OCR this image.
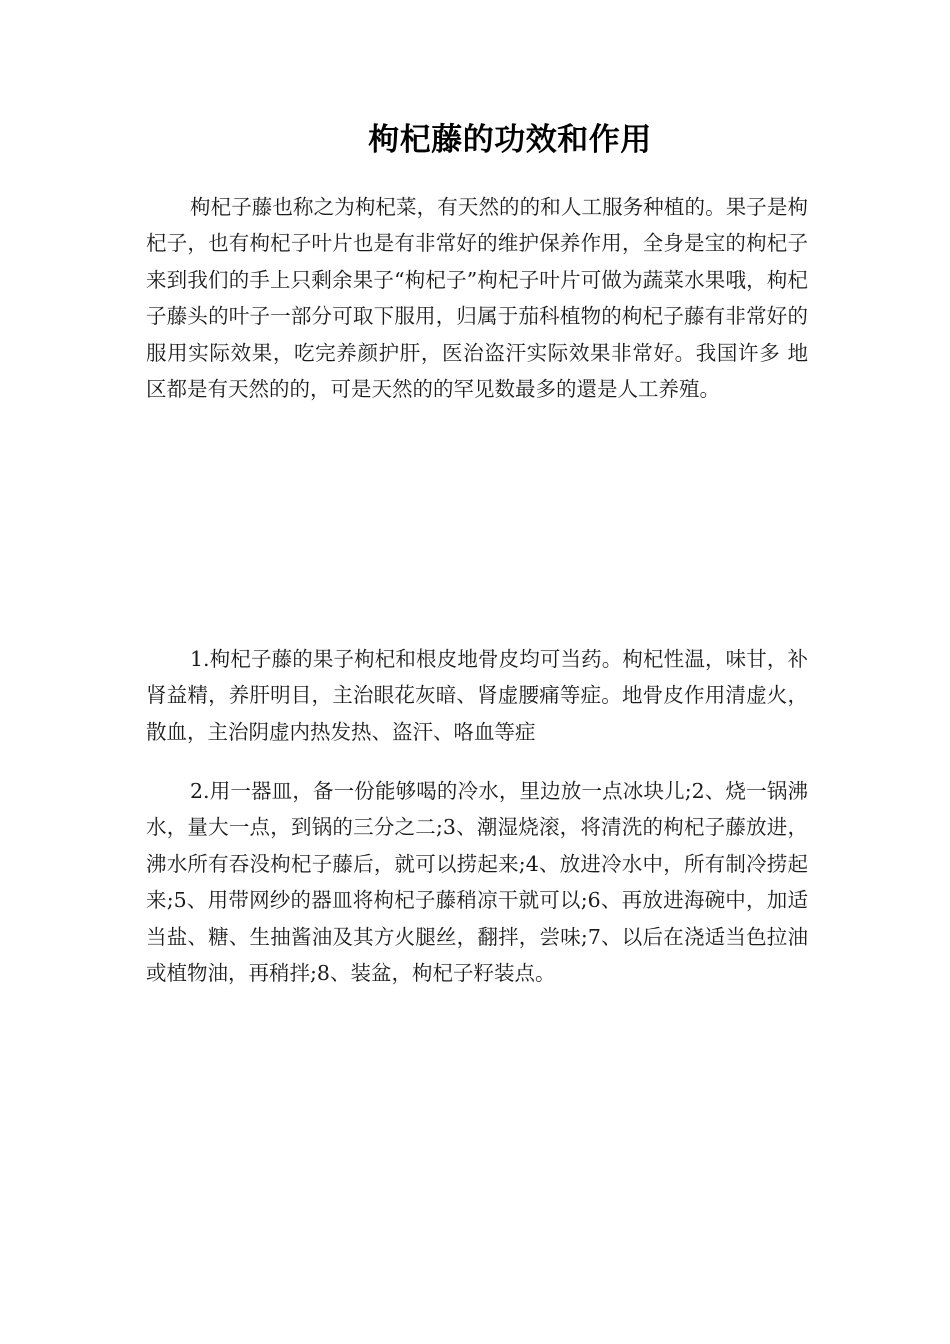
枸杞藤的功效和作用

枸杞子藤也称之为枸杞菜，有天然的的和人工服务种植的。果子是枸杞子，也有枸杞子叶片也是有非常好的维护保养作用，全身是宝的枸杞子来到我们的手上只剩余果子“枸杞子”枸杞子叶片可做为蔬菜水果哦，枸杞子藤头的叶子一部分可取下服用，归属于茄科植物的枸杞子藤有非常好的服用实际效果，吃完养颜护肝，医治盗汗实际效果非常好。我国许多 地区都是有天然的的，可是天然的的罕见数最多的還是人工养殖。

1.枸杞子藤的果子枸杞和根皮地骨皮均可当药。枸杞性温，味甘，补肾益精，养肝明目，主治眼花灰暗、肾虚腰痛等症。地骨皮作用清虚火，散血，主治阴虚内热发热、盗汗、咯血等症

2.用一器皿，备一份能够喝的冷水，里边放一点冰块儿;2、烧一锅沸水，量大一点，到锅的三分之二;3、潮湿烧滚，将清洗的枸杞子藤放进，沸水所有吞没枸杞子藤后，就可以捞起来;4、放进冷水中，所有制冷捞起来;5、用带网纱的器皿将枸杞子藤稍凉干就可以;6、再放进海碗中，加适当盐、糖、生抽酱油及其方火腿丝，翻拌，尝味;7、以后在浇适当色拉油或植物油，再稍拌;8、装盆，枸杞子籽装点。
